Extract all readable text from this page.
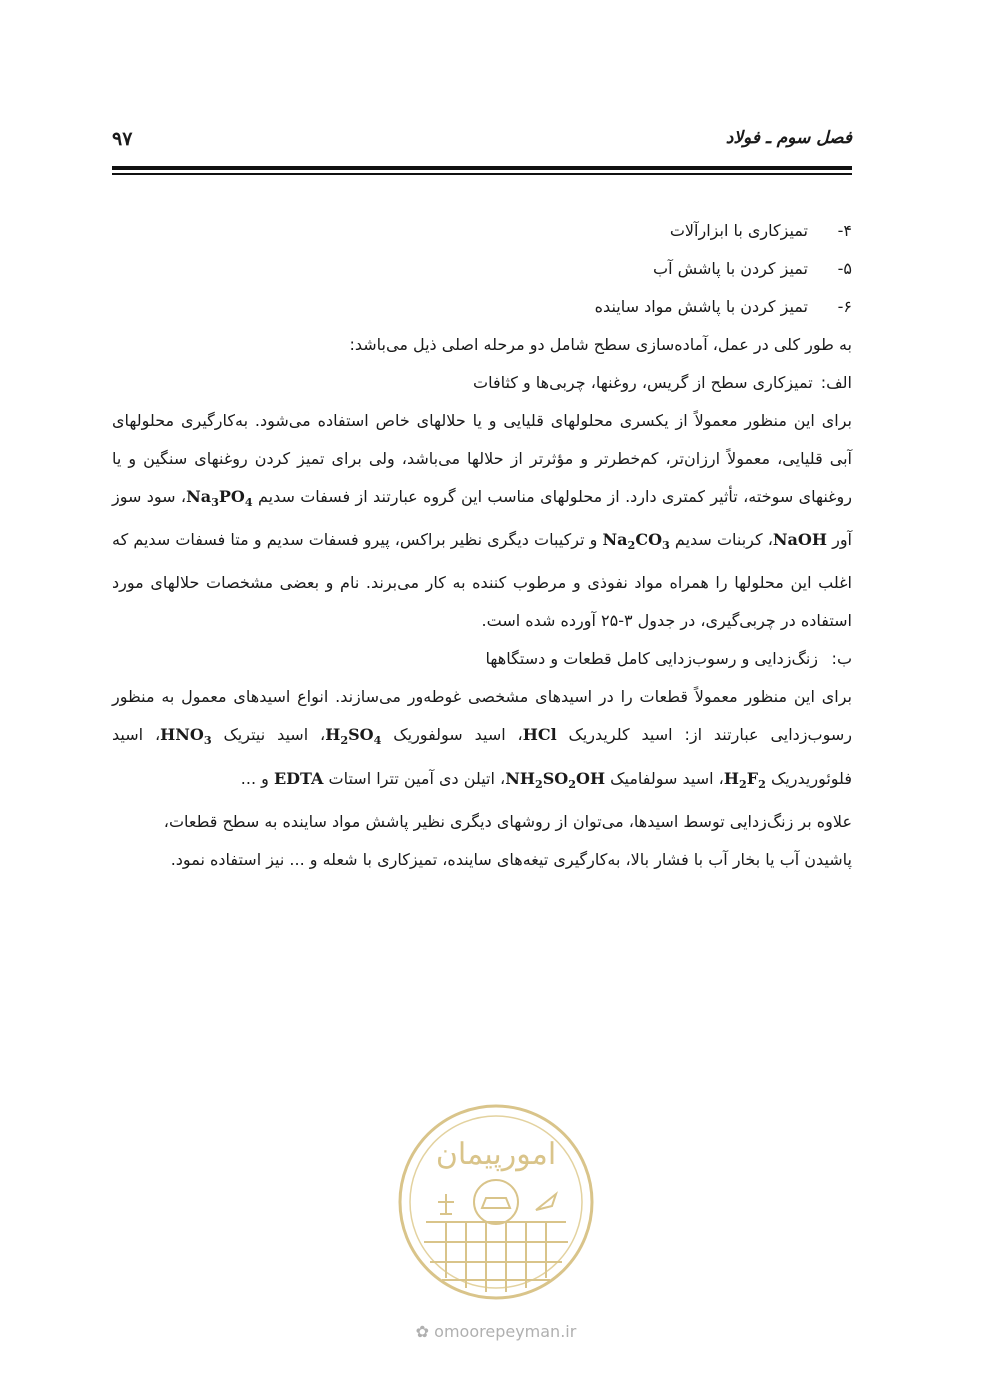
فصل سوم ـ فولاد
۹۷
۴-
تمیزکاری با ابزارآلات
۵-
تمیز کردن با پاشش آب
۶-
تمیز کردن با پاشش مواد ساینده
به طور کلی در عمل، آماده‌سازی سطح شامل دو مرحله اصلی ذیل می‌باشد:
الف:
تمیزکاری سطح از گریس، روغنها، چربی‌ها و کثافات

برای این منظور معمولاً از یکسری محلولهای قلیایی و یا حلالهای خاص استفاده می‌شود. به‌کارگیری محلولهای آبی قلیایی، معمولاً ارزان‌تر، کم‌خطرتر و مؤثرتر از حلالها می‌باشد، ولی برای تمیز کردن روغنهای سنگین و یا روغنهای سوخته، تأثیر کمتری دارد. از محلولهای مناسب این گروه عبارتند از فسفات سدیم $Na_3PO_4،$ سود سوز آور NaOH، کربنات سدیم $Na_2CO_3$ و ترکیبات دیگری نظیر براکس، پیرو فسفات سدیم و متا فسفات سدیم که اغلب این محلولها را همراه مواد نفوذی و مرطوب کننده به کار می‌برند. نام و بعضی مشخصات حلالهای مورد استفاده در چربی‌گیری، در جدول ۳-۲۵ آورده شده است.

ب:
زنگ‌زدایی و رسوب‌زدایی کامل قطعات و دستگاهها

برای این منظور معمولاً قطعات را در اسیدهای مشخصی غوطه‌ور می‌سازند. انواع اسیدهای معمول به منظور رسوب‌زدایی عبارتند از: اسید کلریدریک HCl، اسید سولفوریک $H_2SO_4،$ اسید نیتریک $HNO_3،$ اسید فلوئوریدریک $H_2F_2،$ اسید سولفامیک $NH_2SO_2OH،$ اتیلن دی آمین تترا استات EDTA و ...

علاوه بر زنگ‌زدایی توسط اسیدها، می‌توان از روشهای دیگری نظیر پاشش مواد ساینده به سطح قطعات، پاشیدن آب یا بخار آب با فشار بالا، به‌کارگیری تیغه‌های ساینده، تمیزکاری با شعله و ... نیز استفاده نمود.

امورپیمان
✿ omoorepeyman.ir
